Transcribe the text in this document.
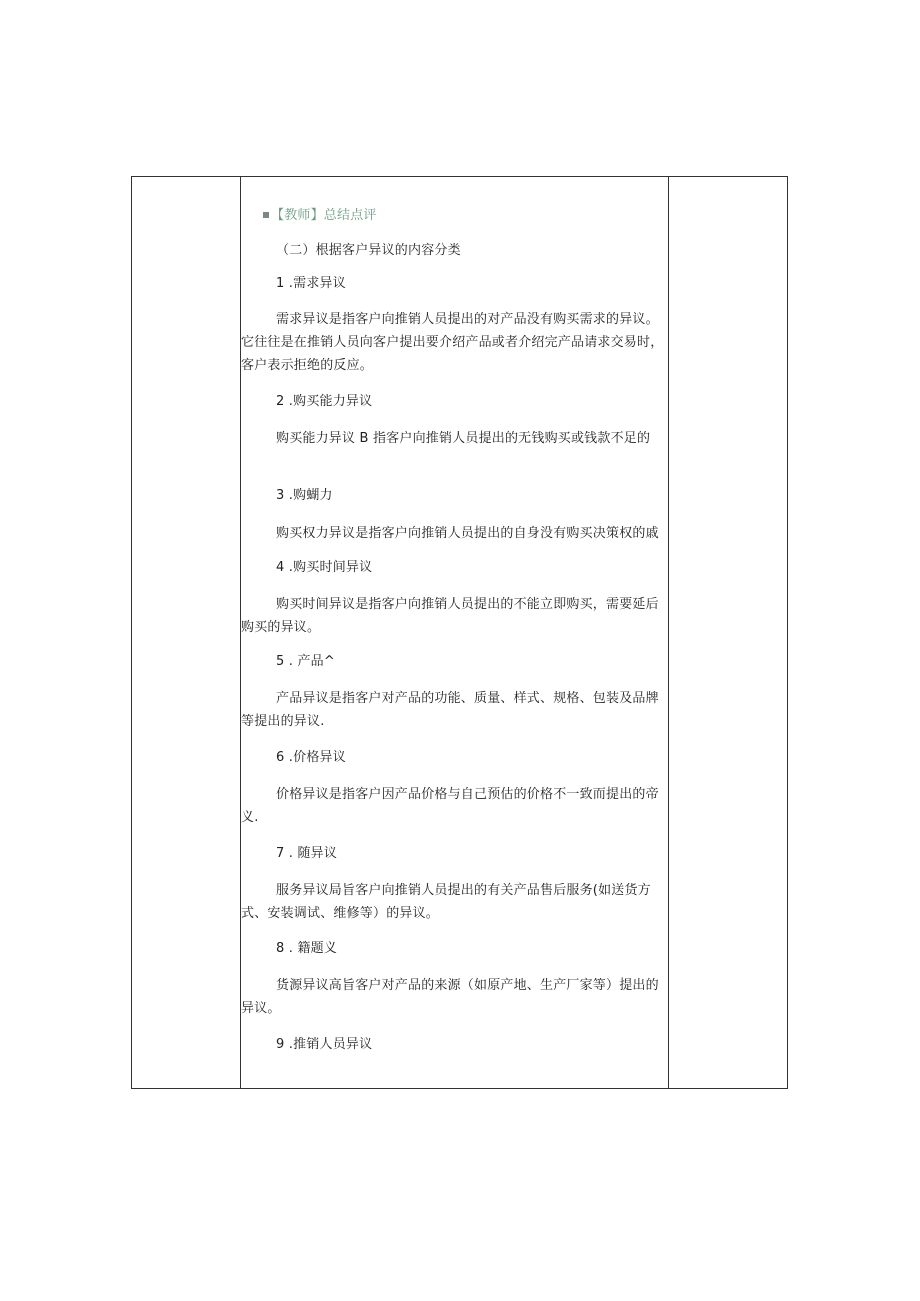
【教师】总结点评
（二）根据客户异议的内容分类
1 .需求异议
需求异议是指客户向推销人员提出的对产品没有购买需求的异议。它往往是在推销人员向客户提出要介绍产品或者介绍完产品请求交易时，客户表示拒绝的反应。
2 .购买能力异议
购买能力异议 B 指客户向推销人员提出的无钱购买或钱款不足的
3 .购蝴力
购买权力异议是指客户向推销人员提出的自身没有购买决策权的戚
4 .购买时间异议
购买时间异议是指客户向推销人员提出的不能立即购买，需要延后购买的异议。
5 . 产品^
产品异议是指客户对产品的功能、质量、样式、规格、包装及品牌等提出的异议.
6 .价格异议
价格异议是指客户因产品价格与自己预估的价格不一致而提出的帝义.
7 . 随异议
服务异议局旨客户向推销人员提出的有关产品售后服务(如送货方式、安装调试、维修等）的异议。
8 . 籍题义
货源异议高旨客户对产品的来源（如原产地、生产厂家等）提出的异议。
9 .推销人员异议
